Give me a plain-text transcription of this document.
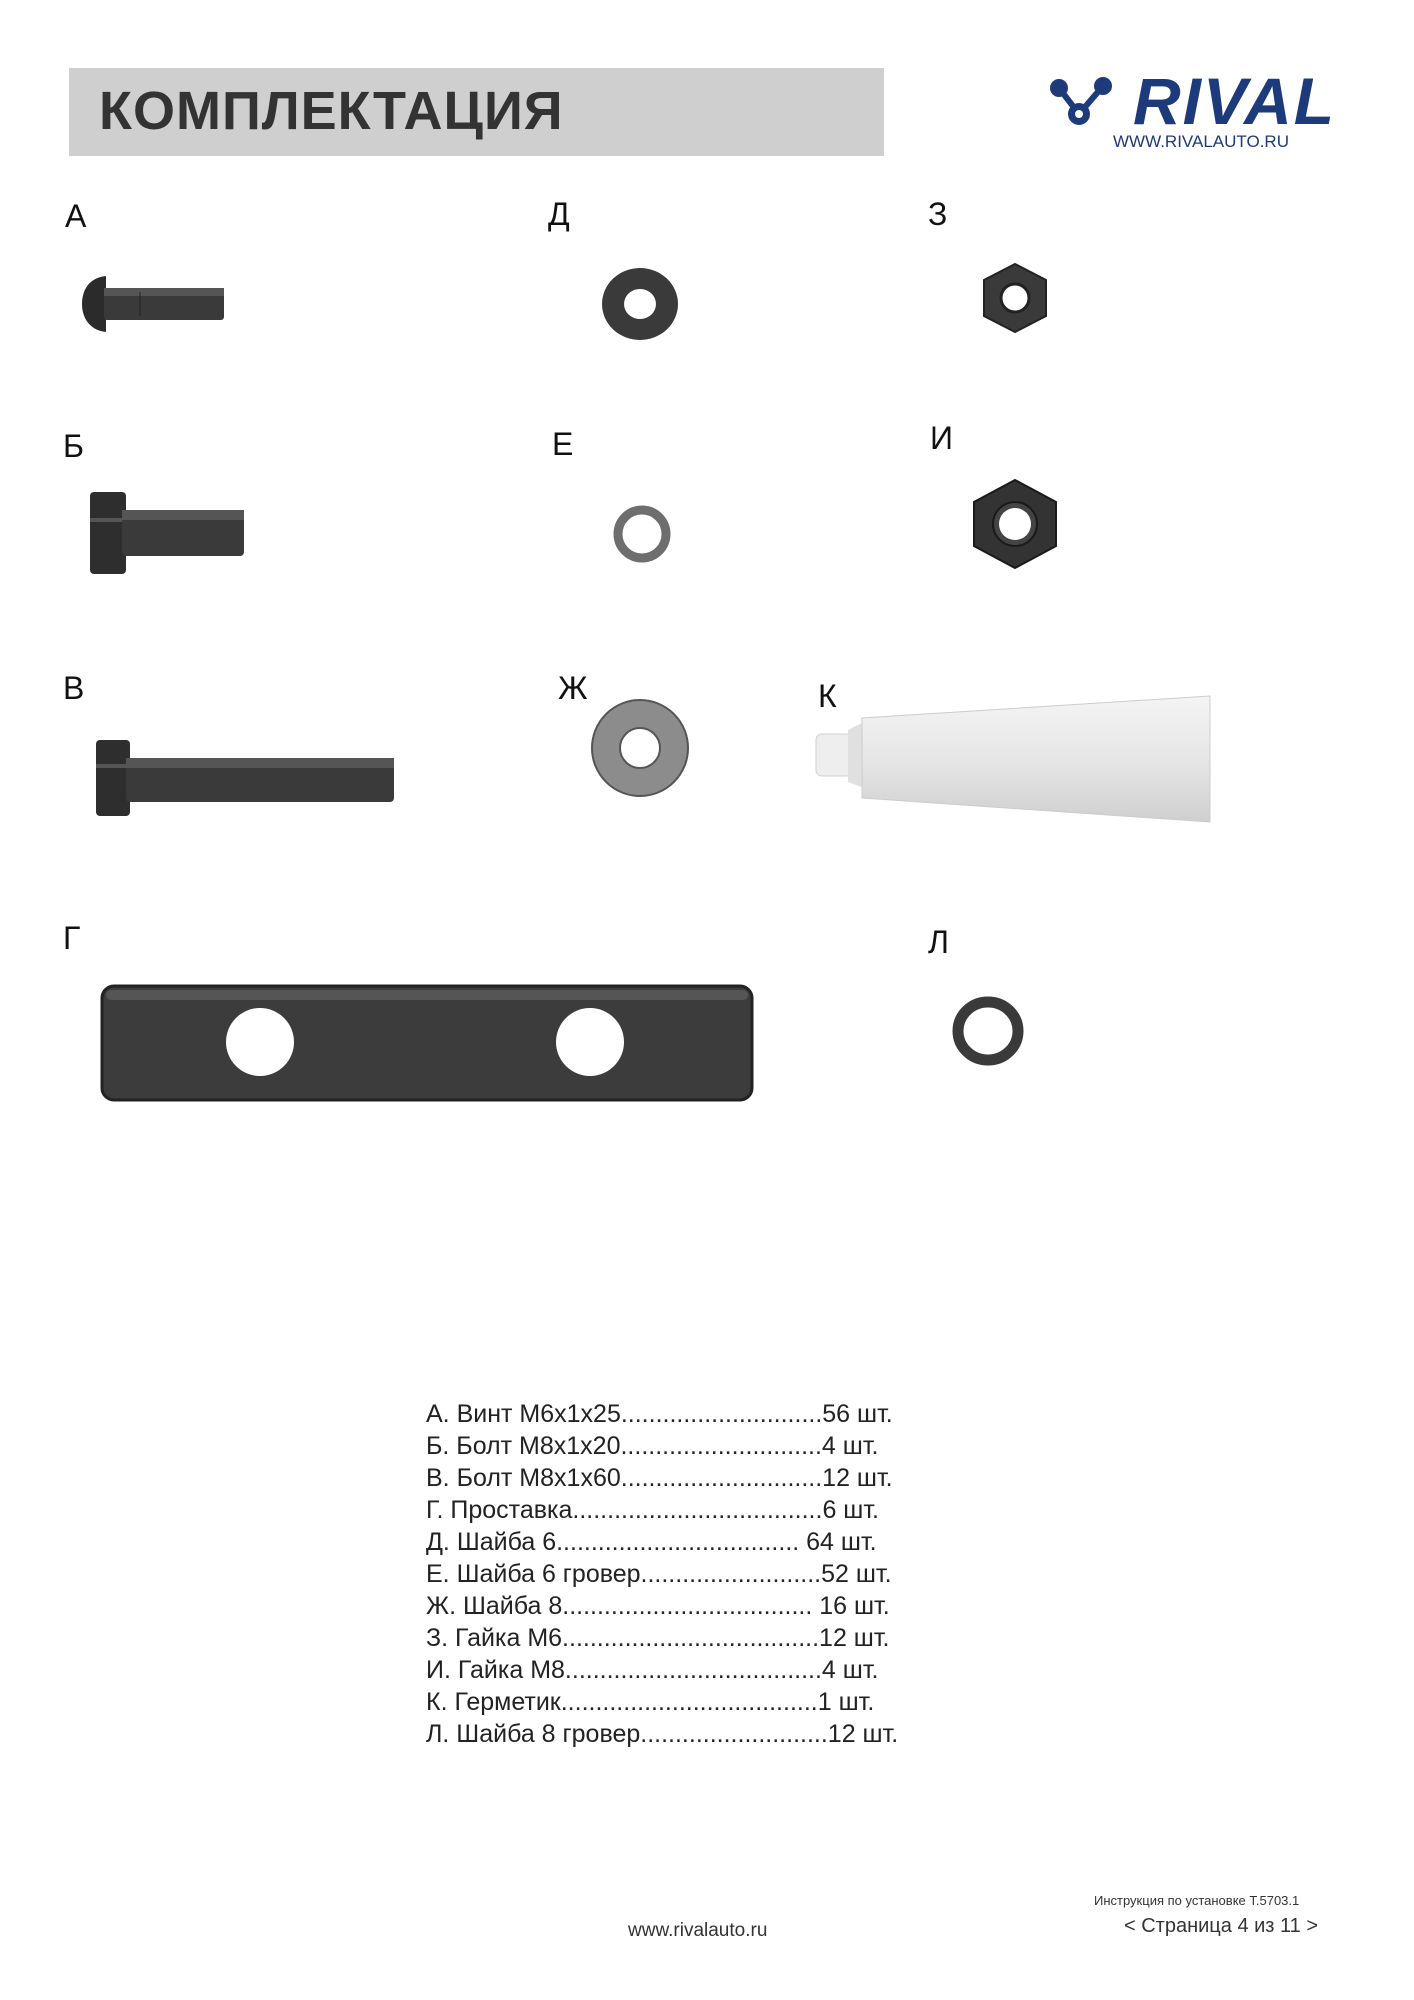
КОМПЛЕКТАЦИЯ	RIVAL
WWW.RIVALAUTO.RU
А
Б
В
Г
Д
Е
Ж
З
И
К
Л
А. Винт М6х1х25.............................56 шт.
Б. Болт М8х1х20.............................4 шт.
В. Болт М8х1х60.............................12 шт.
Г. Проставка....................................6 шт.
Д. Шайба 6................................... 64 шт.
Е. Шайба 6 гровер..........................52 шт.
Ж. Шайба 8.................................... 16 шт.
З. Гайка М6.....................................12 шт.
И. Гайка М8.....................................4 шт.
К. Герметик.....................................1 шт.
Л. Шайба 8 гровер...........................12 шт.
www.rivalauto.ru
Инструкция по установке Т.5703.1
< Страница 4 из 11 >
